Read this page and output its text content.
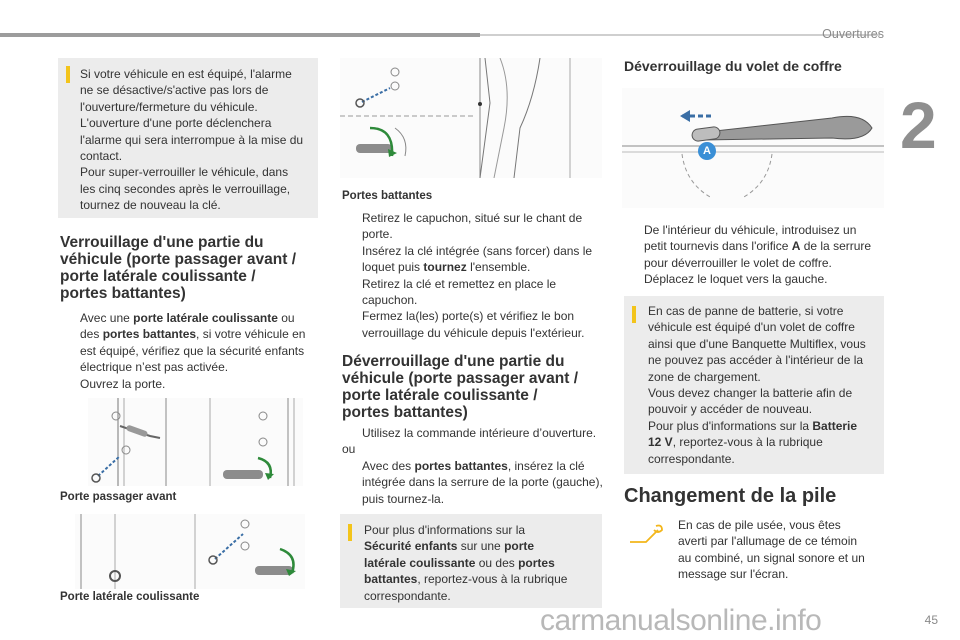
Ouvertures
2
Si votre véhicule en est équipé, l'alarme
ne se désactive/s'active pas lors de
l'ouverture/fermeture du véhicule.
L'ouverture d'une porte déclenchera
l'alarme qui sera interrompue à la mise du
contact.
Pour super-verrouiller le véhicule, dans
les cinq secondes après le verrouillage,
tournez de nouveau la clé.
Verrouillage d'une partie du
véhicule (porte passager avant /
porte latérale coulissante /
portes battantes)
Avec une porte latérale coulissante ou
des portes battantes, si votre véhicule en
est équipé, vérifiez que la sécurité enfants
électrique n’est pas activée.
Ouvrez la porte.
Porte passager avant
Porte latérale coulissante
Portes battantes
Retirez le capuchon, situé sur le chant de porte.
Insérez la clé intégrée (sans forcer) dans le loquet puis tournez l'ensemble.
Retirez la clé et remettez en place le capuchon.
Fermez la(les) porte(s) et vérifiez le bon verrouillage du véhicule depuis l'extérieur.
Déverrouillage d'une partie du
véhicule (porte passager avant /
porte latérale coulissante /
portes battantes)
Utilisez la commande intérieure d’ouverture.
ou
Avec des portes battantes, insérez la clé intégrée dans la serrure de la porte (gauche), puis tournez-la.
Pour plus d'informations sur la
Sécurité enfants sur une porte
latérale coulissante ou des portes
battantes, reportez-vous à la rubrique
correspondante.
Déverrouillage du volet de coffre
A
De l'intérieur du véhicule, introduisez un petit tournevis dans l'orifice A de la serrure pour déverrouiller le volet de coffre.
Déplacez le loquet vers la gauche.
En cas de panne de batterie, si votre
véhicule est équipé d'un volet de coffre
ainsi que d'une Banquette Multiflex, vous
ne pouvez pas accéder à l'intérieur de la
zone de chargement.
Vous devez changer la batterie afin de
pouvoir y accéder de nouveau.
Pour plus d'informations sur la Batterie
12 V, reportez-vous à la rubrique
correspondante.
Changement de la pile
En cas de pile usée, vous êtes
averti par l'allumage de ce témoin
au combiné, un signal sonore et un
message sur l'écran.
carmanualsonline.info	45
